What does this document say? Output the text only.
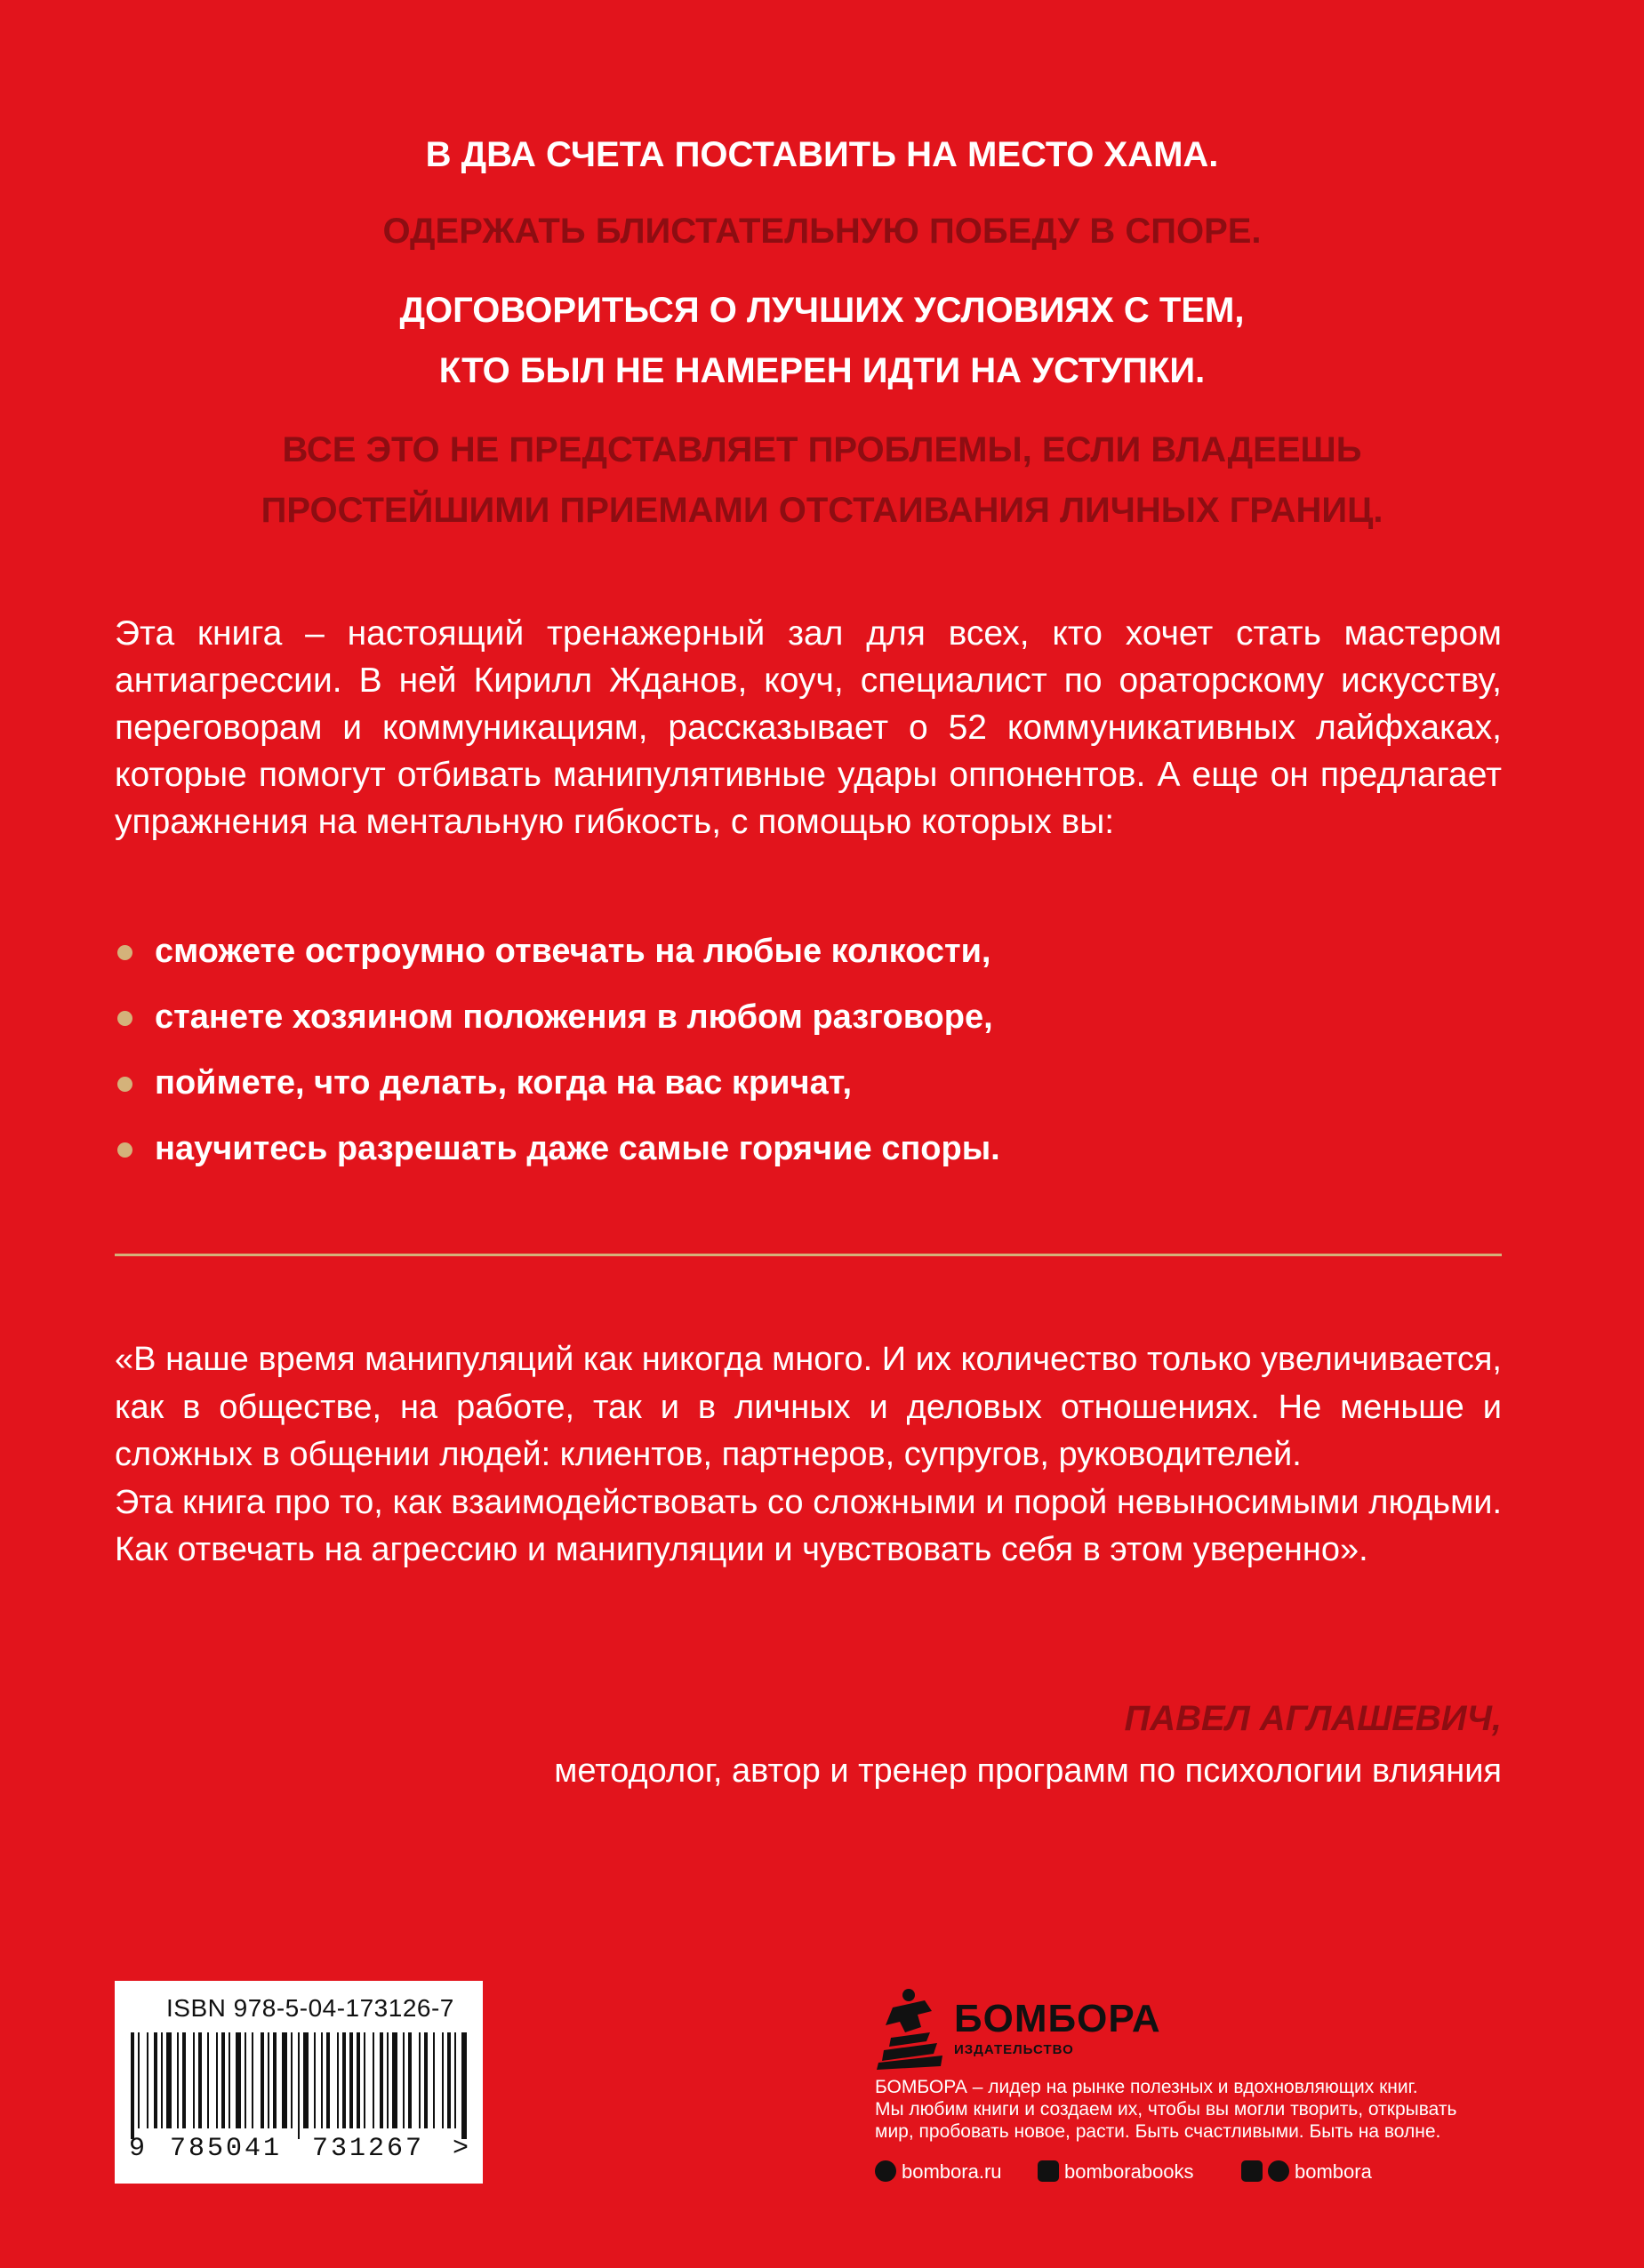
В ДВА СЧЕТА ПОСТАВИТЬ НА МЕСТО ХАМА.

ОДЕРЖАТЬ БЛИСТАТЕЛЬНУЮ ПОБЕДУ В СПОРЕ.

ДОГОВОРИТЬСЯ О ЛУЧШИХ УСЛОВИЯХ С ТЕМ,

КТО БЫЛ НЕ НАМЕРЕН ИДТИ НА УСТУПКИ.

ВСЕ ЭТО НЕ ПРЕДСТАВЛЯЕТ ПРОБЛЕМЫ, ЕСЛИ ВЛАДЕЕШЬ

ПРОСТЕЙШИМИ ПРИЕМАМИ ОТСТАИВАНИЯ ЛИЧНЫХ ГРАНИЦ.

Эта книга – настоящий тренажерный зал для всех, кто хочет стать мастером антиагрессии. В ней Кирилл Жданов, коуч, специалист по ораторскому искусству, переговорам и коммуникациям, рассказывает о 52 коммуникативных лайфхаках, которые помогут отбивать манипулятивные удары оппонентов. А еще он предлагает упражнения на ментальную гибкость, с помощью которых вы:

сможете остроумно отвечать на любые колкости,
станете хозяином положения в любом разговоре,
поймете, что делать, когда на вас кричат,
научитесь разрешать даже самые горячие споры.
«В наше время манипуляций как никогда много. И их количество только увеличивается, как в обществе, на работе, так и в личных и деловых отношениях. Не меньше и сложных в общении людей: клиентов, партнеров, супругов, руководителей.
Эта книга про то, как взаимодействовать со сложными и порой невыносимыми людьми. Как отвечать на агрессию и манипуляции и чувствовать себя в этом уверенно».
ПАВЕЛ АГЛАШЕВИЧ,
методолог, автор и тренер программ по психологии влияния
ISBN 978-5-04-173126-7
9 785041 731267 >
БОМБОРА
ИЗДАТЕЛЬСТВО
БОМБОРА – лидер на рынке полезных и вдохновляющих книг.
Мы любим книги и создаем их, чтобы вы могли творить, открывать
мир, пробовать новое, расти. Быть счастливыми. Быть на волне.
bombora.ru	bomborabooks	bombora
